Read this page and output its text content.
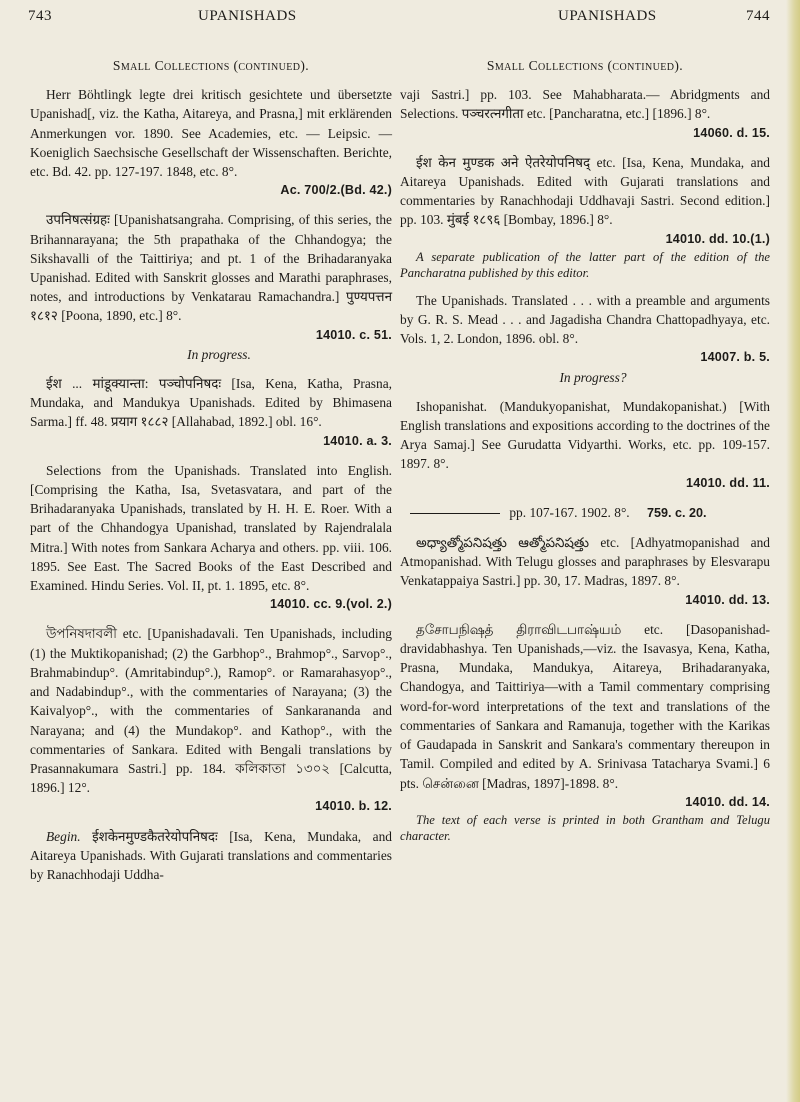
743	UPANISHADS	UPANISHADS	744
Small Collections (continued).
Herr Böhtlingk legte drei kritisch gesichtete und übersetzte Upanishad[, viz. the Katha, Aitareya, and Prasna,] mit erklärenden Anmerkungen vor. 1890. See Academies, etc. — Leipsic. — Koeniglich Saechsische Gesellschaft der Wissenschaften. Berichte, etc. Bd. 42. pp. 127-197. 1848, etc. 8°.
Ac. 700/2.(Bd. 42.)
उपनिषत्संग्रहः [Upanishatsangraha. Comprising, of this series, the Brihannarayana; the 5th prapathaka of the Chhandogya; the Sikshavalli of the Taittiriya; and pt. 1 of the Brihadaranyaka Upanishad. Edited with Sanskrit glosses and Marathi paraphrases, notes, and introductions by Venkatarau Ramachandra.] पुण्यपत्तन १८१२ [Poona, 1890, etc.] 8°.
14010. c. 51.
In progress.
ईश ... मांडूक्यान्ता: पञ्चोपनिषदः [Isa, Kena, Katha, Prasna, Mundaka, and Mandukya Upanishads. Edited by Bhimasena Sarma.] ff. 48. प्रयाग १८८२ [Allahabad, 1892.] obl. 16°.
14010. a. 3.
Selections from the Upanishads. Translated into English. [Comprising the Katha, Isa, Svetasvatara, and part of the Brihadaranyaka Upanishads, translated by H. H. E. Roer. With a part of the Chhandogya Upanishad, translated by Rajendralala Mitra.] With notes from Sankara Acharya and others. pp. viii. 106. 1895. See East. The Sacred Books of the East Described and Examined. Hindu Series. Vol. II, pt. 1. 1895, etc. 8°.
14010. cc. 9.(vol. 2.)
উপনিষদাবলী etc. [Upanishadavali. Ten Upanishads, including (1) the Muktikopanishad; (2) the Garbhop°., Brahmop°., Sarvop°., Brahmabindup°. (Amritabindup°.), Ramop°. or Ramarahasyop°., and Nadabindup°., with the commentaries of Narayana; (3) the Kaivalyop°., with the commentaries of Sankarananda and Narayana; and (4) the Mundakop°. and Kathop°., with the commentaries of Sankara. Edited with Bengali translations by Prasannakumara Sastri.] pp. 184. কলিকাতা ১৩০২ [Calcutta, 1896.] 12°.
14010. b. 12.
Begin. ईशकेनमुण्डकैतरेयोपनिषदः [Isa, Kena, Mundaka, and Aitareya Upanishads. With Gujarati translations and commentaries by Ranachhodaji Uddha-
Small Collections (continued).
vaji Sastri.] pp. 103. See Mahabharata.— Abridgments and Selections. पञ्चरत्नगीता etc. [Pancharatna, etc.] [1896.] 8°.
14060. d. 15.
ईश केन मुण्डक अने ऐतरेयोपनिषद् etc. [Isa, Kena, Mundaka, and Aitareya Upanishads. Edited with Gujarati translations and commentaries by Ranachhodaji Uddhavaji Sastri. Second edition.] pp. 103. मुंबई १८९६ [Bombay, 1896.] 8°.
14010. dd. 10.(1.)
A separate publication of the latter part of the edition of the Pancharatna published by this editor.
The Upanishads. Translated . . . with a preamble and arguments by G. R. S. Mead . . . and Jagadisha Chandra Chattopadhyaya, etc. Vols. 1, 2. London, 1896. obl. 8°.
14007. b. 5.
In progress?
Ishopanishat. (Mandukyopanishat, Mundakopanishat.) [With English translations and expositions according to the doctrines of the Arya Samaj.] See Gurudatta Vidyarthi. Works, etc. pp. 109-157. 1897. 8°.
14010. dd. 11.
pp. 107-167. 1902. 8°. 759. c. 20.
అధ్యాత్మోపనిషత్తు ఆత్మోపనిషత్తు etc. [Adhyatmopanishad and Atmopanishad. With Telugu glosses and paraphrases by Elesvarapu Venkatappaiya Sastri.] pp. 30, 17. Madras, 1897. 8°.
14010. dd. 13.
தசோபநிஷத் திராவிடபாஷ்யம் etc. [Dasopanishad-dravidabhashya. Ten Upanishads,—viz. the Isavasya, Kena, Katha, Prasna, Mundaka, Mandukya, Aitareya, Brihadaranyaka, Chandogya, and Taittiriya—with a Tamil commentary comprising word-for-word interpretations of the text and translations of the commentaries of Sankara and Ramanuja, together with the Karikas of Gaudapada in Sanskrit and Sankara's commentary thereupon in Tamil. Compiled and edited by A. Srinivasa Tatacharya Svami.] 6 pts. சென்னை [Madras, 1897]-1898. 8°.
14010. dd. 14.
The text of each verse is printed in both Grantham and Telugu character.
